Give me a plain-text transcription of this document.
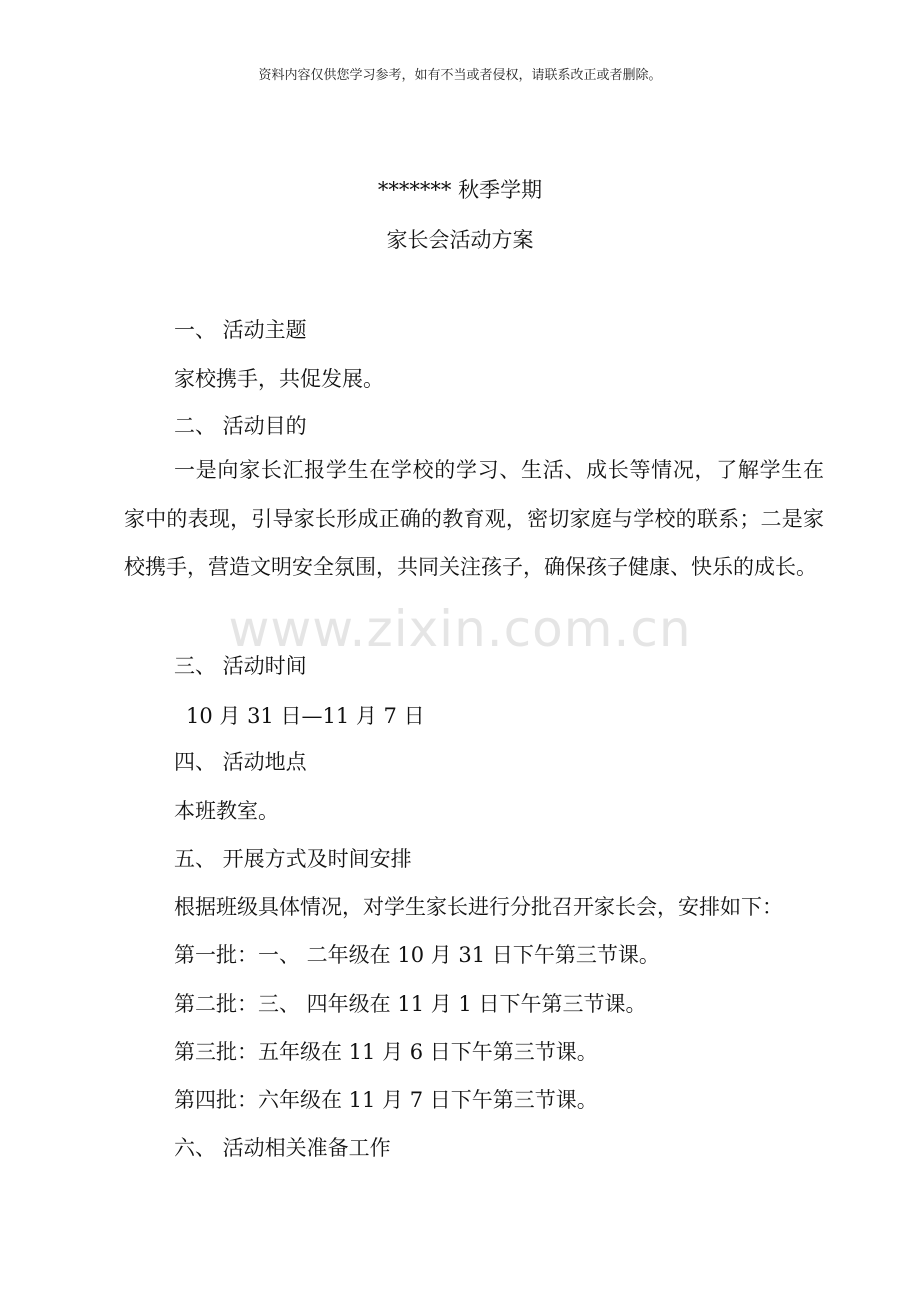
资料内容仅供您学习参考，如有不当或者侵权，请联系改正或者删除。
******* 秋季学期
家长会活动方案
一、 活动主题
家校携手，共促发展。
二、 活动目的
一是向家长汇报学生在学校的学习、生活、成长等情况，了解学生在家中的表现，引导家长形成正确的教育观，密切家庭与学校的联系；二是家校携手，营造文明安全氛围，共同关注孩子，确保孩子健康、快乐的成长。
三、 活动时间
10 月 31 日—11 月 7 日
四、 活动地点
本班教室。
五、 开展方式及时间安排
根据班级具体情况，对学生家长进行分批召开家长会，安排如下：
第一批：一、 二年级在 10 月 31 日下午第三节课。
第二批：三、 四年级在 11 月 1 日下午第三节课。
第三批：五年级在 11 月 6 日下午第三节课。
第四批：六年级在 11 月 7 日下午第三节课。
六、 活动相关准备工作
www.zixin.com.cn
